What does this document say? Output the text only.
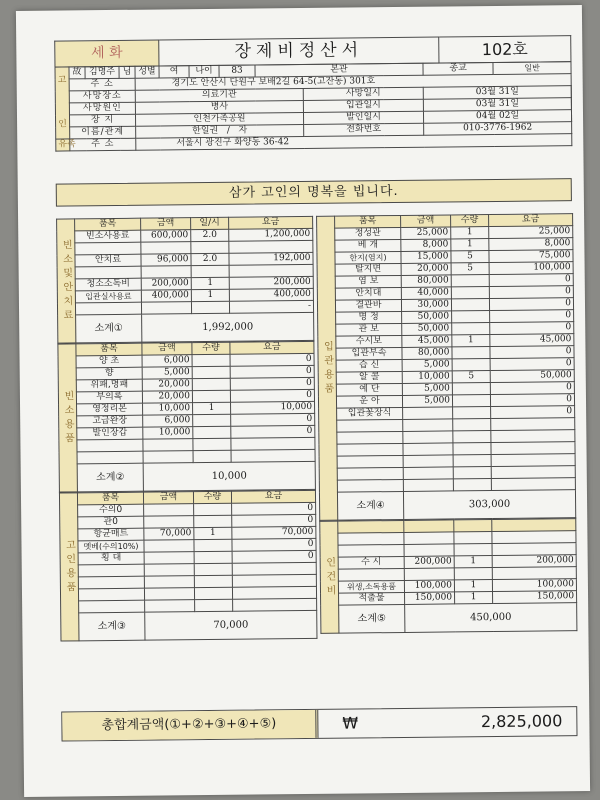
세 화	장제비정산서	102호
고

인	故	김명주	님	성별	여	나이	83	본관		종교	일반	
	주 소			경기도 안산시 단원구 보배2길 64-5(고잔동) 301호								
	사망장소			의료기관					사망일시	03월 31일	
	사망원인			병사					입관일시	03월 31일	
	장 지			인천가족공원					발인일시	04월 02일	
	이름/관계			한일권 / 자					전화번호	010-3776-1962		
유족	주 소			서울시 광진구 화양동 36-42								
삼가 고인의 명복을 빕니다.
빈소및안치료	품목	금액	일/시	요금
	빈소사용료	600,000	2.0	1,200,000

	안치료	96,000	2.0	192,000

	청소소독비	200,000	1	200,000
	입관실사용료	400,000	1	400,000
				-
	소계①	1,992,000		
빈소용품	품목	금액	수량	요금
	양 초	6,000		0
	향	5,000		0
	위패,명패	20,000		0
	부의록	20,000		0
	영정리본	10,000	1	10,000
	고급완장	6,000		0
	발인장갑	10,000		0

	소계②	10,000		
고인용품	품목	금액	수량	요금
	수의0			0
	관0			0
	항균매트	70,000	1	70,000
	멧베(수의10%)			0
	횡 대			0

	소계③	70,000		
입관용품	품목	금액	수량	요금
	정성관	25,000	1	25,000
	베 개	8,000	1	8,000
	한지(염지)	15,000	5	75,000
	탈지면	20,000	5	100,000
	염 보	80,000		0
	안치대	40,000		0
	결관바	30,000		0
	명 정	50,000		0
	관 보	50,000		0
	수시보	45,000	1	45,000
	입관부속	80,000		0
	습 신	5,000		0
	알 콜	10,000	5	50,000
	예 단	5,000		0
	운 아	5,000		0
	입관꽃장식			0

	소계④	303,000		
인건비				

	수 시	200,000	1	200,000

	위생,소독용품	100,000	1	100,000
	적출물	150,000	1	150,000
	소계⑤	450,000		
총합계금액(①+②+③+④+⑤)	₩	2,825,000
